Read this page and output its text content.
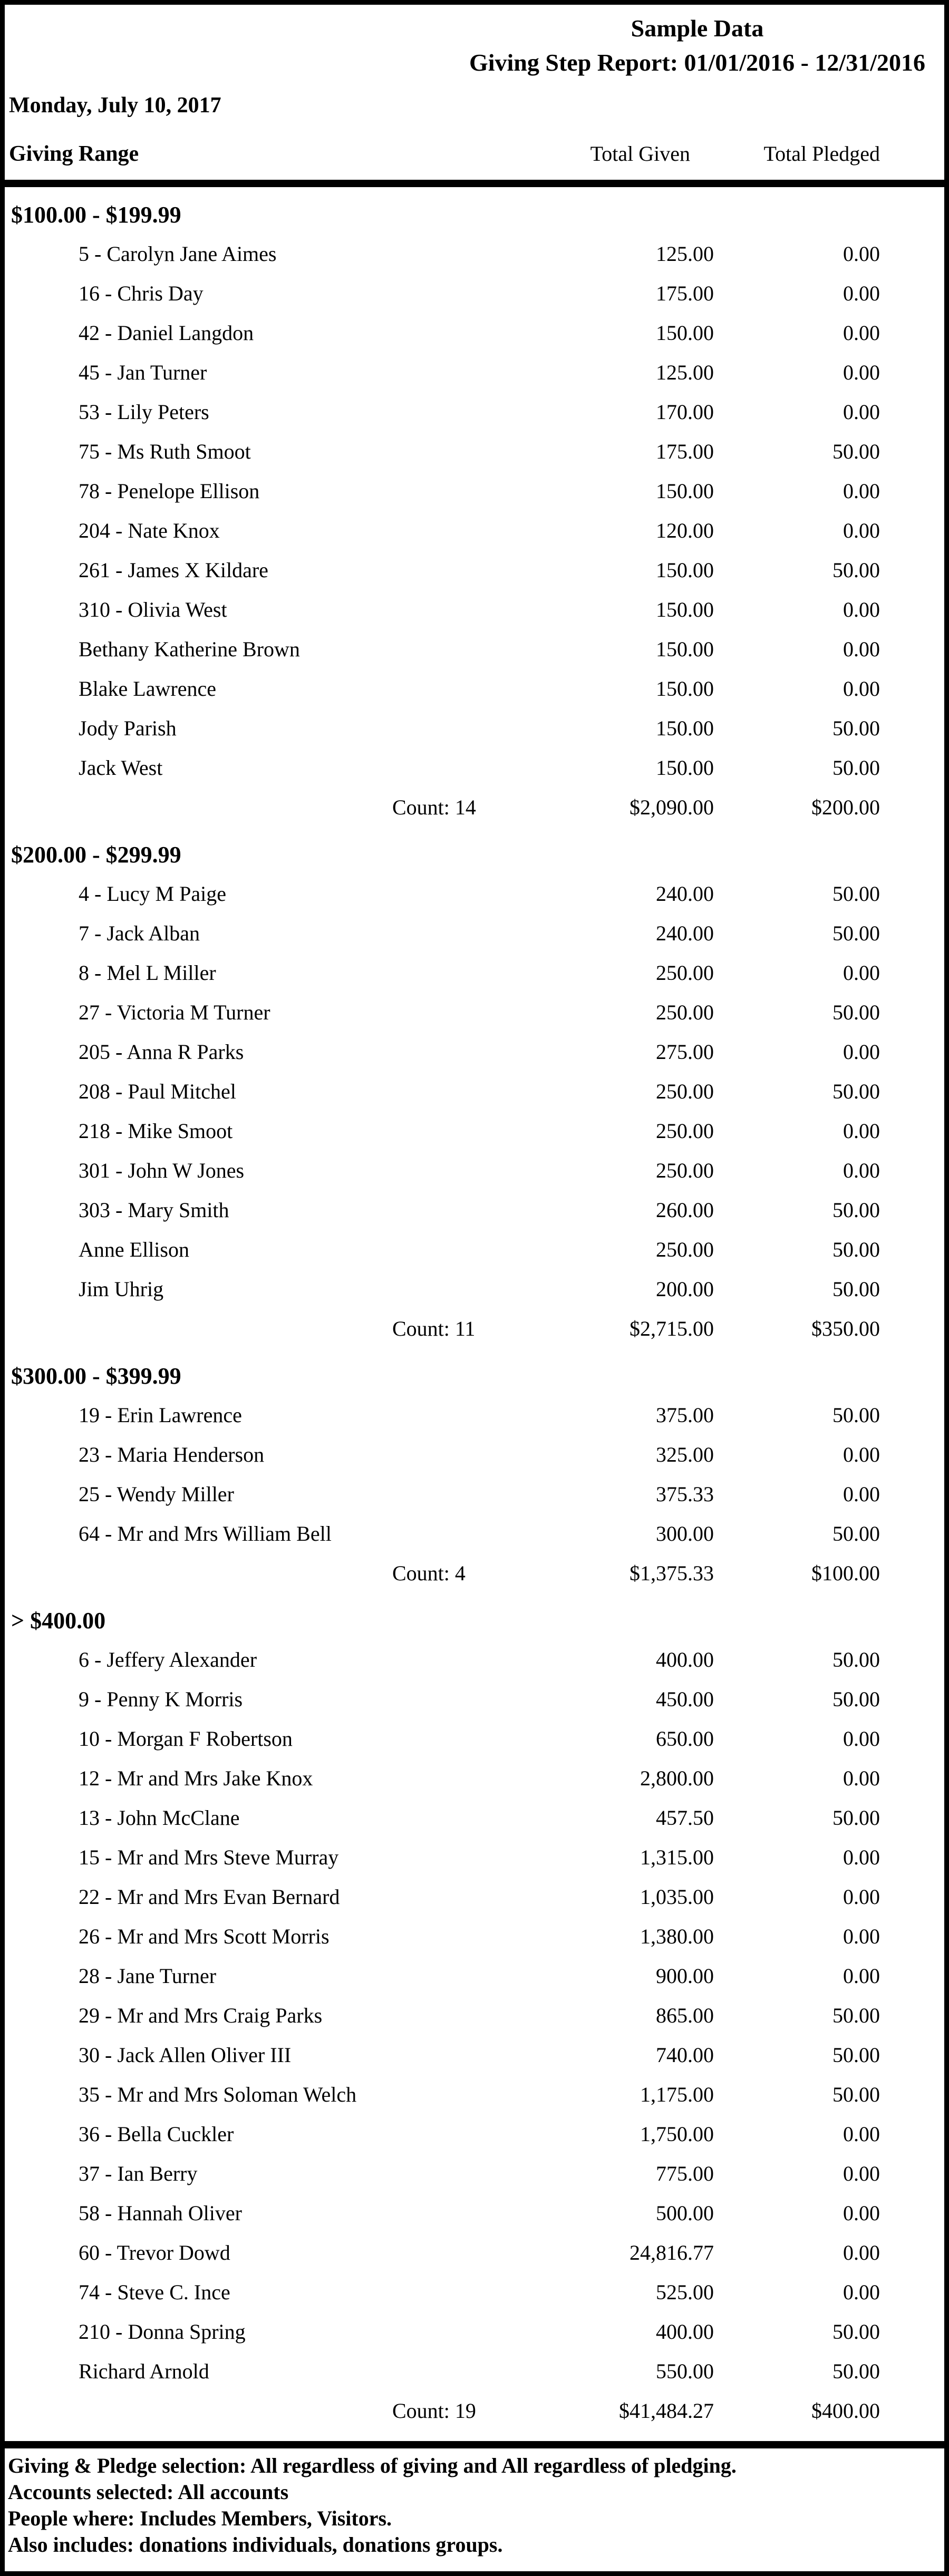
Sample Data
Giving Step Report: 01/01/2016 - 12/31/2016
Monday, July 10, 2017
Giving Range	Total Given	Total Pledged
$100.00 - $199.99
5 - Carolyn Jane Aimes	125.00	0.00
16 - Chris Day	175.00	0.00
42 - Daniel Langdon	150.00	0.00
45 - Jan Turner	125.00	0.00
53 - Lily Peters	170.00	0.00
75 - Ms Ruth Smoot	175.00	50.00
78 - Penelope Ellison	150.00	0.00
204 - Nate Knox	120.00	0.00
261 - James X Kildare	150.00	50.00
310 - Olivia West	150.00	0.00
Bethany Katherine Brown	150.00	0.00
Blake Lawrence	150.00	0.00
Jody Parish	150.00	50.00
Jack West	150.00	50.00
Count: 14	$2,090.00	$200.00
$200.00 - $299.99
4 - Lucy M Paige	240.00	50.00
7 - Jack Alban	240.00	50.00
8 - Mel L Miller	250.00	0.00
27 - Victoria M Turner	250.00	50.00
205 - Anna R Parks	275.00	0.00
208 - Paul Mitchel	250.00	50.00
218 - Mike Smoot	250.00	0.00
301 - John W Jones	250.00	0.00
303 - Mary Smith	260.00	50.00
Anne Ellison	250.00	50.00
Jim Uhrig	200.00	50.00
Count: 11	$2,715.00	$350.00
$300.00 - $399.99
19 - Erin Lawrence	375.00	50.00
23 - Maria Henderson	325.00	0.00
25 - Wendy Miller	375.33	0.00
64 - Mr and Mrs William Bell	300.00	50.00
Count: 4	$1,375.33	$100.00
> $400.00
6 - Jeffery Alexander	400.00	50.00
9 - Penny K Morris	450.00	50.00
10 - Morgan F Robertson	650.00	0.00
12 - Mr and Mrs Jake Knox	2,800.00	0.00
13 - John McClane	457.50	50.00
15 - Mr and Mrs Steve Murray	1,315.00	0.00
22 - Mr and Mrs Evan Bernard	1,035.00	0.00
26 - Mr and Mrs Scott Morris	1,380.00	0.00
28 - Jane Turner	900.00	0.00
29 - Mr and Mrs Craig Parks	865.00	50.00
30 - Jack Allen Oliver III	740.00	50.00
35 - Mr and Mrs Soloman Welch	1,175.00	50.00
36 - Bella Cuckler	1,750.00	0.00
37 - Ian Berry	775.00	0.00
58 - Hannah Oliver	500.00	0.00
60 - Trevor Dowd	24,816.77	0.00
74 - Steve C. Ince	525.00	0.00
210 - Donna Spring	400.00	50.00
Richard Arnold	550.00	50.00
Count: 19	$41,484.27	$400.00
Giving & Pledge selection: All regardless of giving and All regardless of pledging.
Accounts selected: All accounts
People where: Includes Members, Visitors.
Also includes: donations individuals, donations groups.
